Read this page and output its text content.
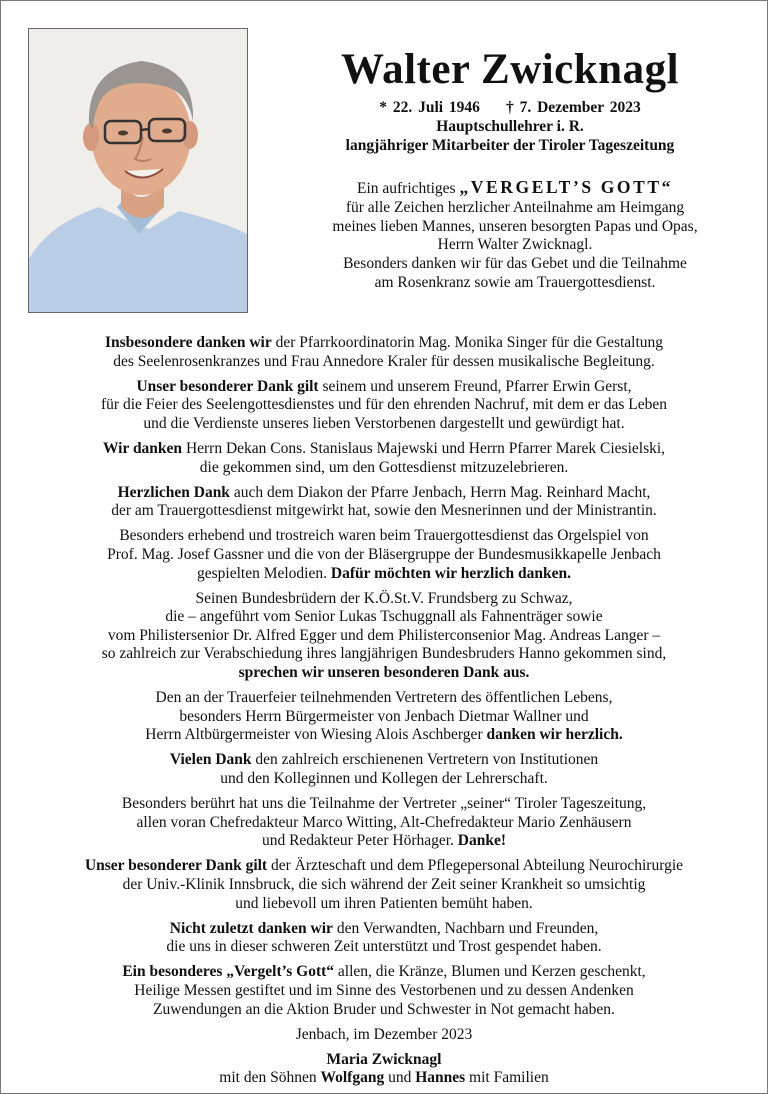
Walter Zwicknagl
* 22. Juli 1946 † 7. Dezember 2023
Hauptschullehrer i. R.
langjähriger Mitarbeiter der Tiroler Tageszeitung
Ein aufrichtiges „VERGELT’S GOTT“
für alle Zeichen herzlicher Anteilnahme am Heimgang
meines lieben Mannes, unseren besorgten Papas und Opas,
Herrn Walter Zwicknagl.
Besonders danken wir für das Gebet und die Teilnahme
am Rosenkranz sowie am Trauergottesdienst.

Insbesondere danken wir der Pfarrkoordinatorin Mag. Monika Singer für die Gestaltung
des Seelenrosenkranzes und Frau Annedore Kraler für dessen musikalische Begleitung.

Unser besonderer Dank gilt seinem und unserem Freund, Pfarrer Erwin Gerst,
für die Feier des Seelengottesdienstes und für den ehrenden Nachruf, mit dem er das Leben
und die Verdienste unseres lieben Verstorbenen dargestellt und gewürdigt hat.

Wir danken Herrn Dekan Cons. Stanislaus Majewski und Herrn Pfarrer Marek Ciesielski,
die gekommen sind, um den Gottesdienst mitzuzelebrieren.

Herzlichen Dank auch dem Diakon der Pfarre Jenbach, Herrn Mag. Reinhard Macht,
der am Trauergottesdienst mitgewirkt hat, sowie den Mesnerinnen und der Ministrantin.

Besonders erhebend und trostreich waren beim Trauergottesdienst das Orgelspiel von
Prof. Mag. Josef Gassner und die von der Bläsergruppe der Bundesmusikkapelle Jenbach
gespielten Melodien. Dafür möchten wir herzlich danken.

Seinen Bundesbrüdern der K.Ö.St.V. Frundsberg zu Schwaz,
die – angeführt vom Senior Lukas Tschuggnall als Fahnenträger sowie
vom Philistersenior Dr. Alfred Egger und dem Philisterconsenior Mag. Andreas Langer –
so zahlreich zur Verabschiedung ihres langjährigen Bundesbruders Hanno gekommen sind,
sprechen wir unseren besonderen Dank aus.

Den an der Trauerfeier teilnehmenden Vertretern des öffentlichen Lebens,
besonders Herrn Bürgermeister von Jenbach Dietmar Wallner und
Herrn Altbürgermeister von Wiesing Alois Aschberger danken wir herzlich.

Vielen Dank den zahlreich erschienenen Vertretern von Institutionen
und den Kolleginnen und Kollegen der Lehrerschaft.

Besonders berührt hat uns die Teilnahme der Vertreter „seiner“ Tiroler Tageszeitung,
allen voran Chefredakteur Marco Witting, Alt-Chefredakteur Mario Zenhäusern
und Redakteur Peter Hörhager. Danke!

Unser besonderer Dank gilt der Ärzteschaft und dem Pflegepersonal Abteilung Neurochirurgie
der Univ.-Klinik Innsbruck, die sich während der Zeit seiner Krankheit so umsichtig
und liebevoll um ihren Patienten bemüht haben.

Nicht zuletzt danken wir den Verwandten, Nachbarn und Freunden,
die uns in dieser schweren Zeit unterstützt und Trost gespendet haben.

Ein besonderes „Vergelt’s Gott“ allen, die Kränze, Blumen und Kerzen geschenkt,
Heilige Messen gestiftet und im Sinne des Vestorbenen und zu dessen Andenken
Zuwendungen an die Aktion Bruder und Schwester in Not gemacht haben.

Jenbach, im Dezember 2023

Maria Zwicknagl
mit den Söhnen Wolfgang und Hannes mit Familien
